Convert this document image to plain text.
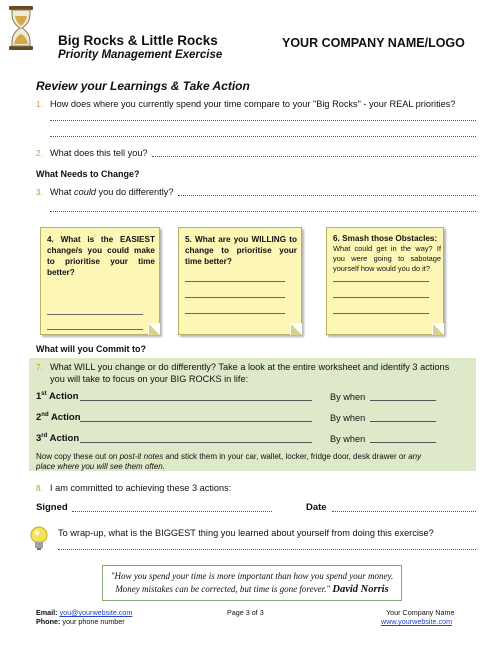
Big Rocks & Little Rocks
Priority Management Exercise
YOUR COMPANY NAME/LOGO
Review your Learnings & Take Action
1. How does where you currently spend your time compare to your "Big Rocks" - your REAL priorities?
2. What does this tell you?
What Needs to Change?
3. What could you do differently?
4. What is the EASIEST change/s you could make to prioritise your time better?
5. What are you WILLING to change to prioritise your time better?
6. Smash those Obstacles:
What could get in the way? If you were going to sabotage yourself how would you do it?
What will you Commit to?
7. What WILL you change or do differently? Take a look at the entire worksheet and identify 3 actions
you will take to focus on your BIG ROCKS in life:
1st Action	By when
2nd Action	By when
3rd Action	By when
Now copy these out on post-it notes and stick them in your car, wallet, locker, fridge door, desk drawer or any
place where you will see them often.
8. I am committed to achieving these 3 actions:
Signed	Date
To wrap-up, what is the BIGGEST thing you learned about yourself from doing this exercise?
"How you spend your time is more important than how you spend your money.
Money mistakes can be corrected, but time is gone forever." David Norris
Email: you@yourwebsite.com
Phone: your phone number
Page 3 of 3	Your Company Name
www.yourwebsite.com
